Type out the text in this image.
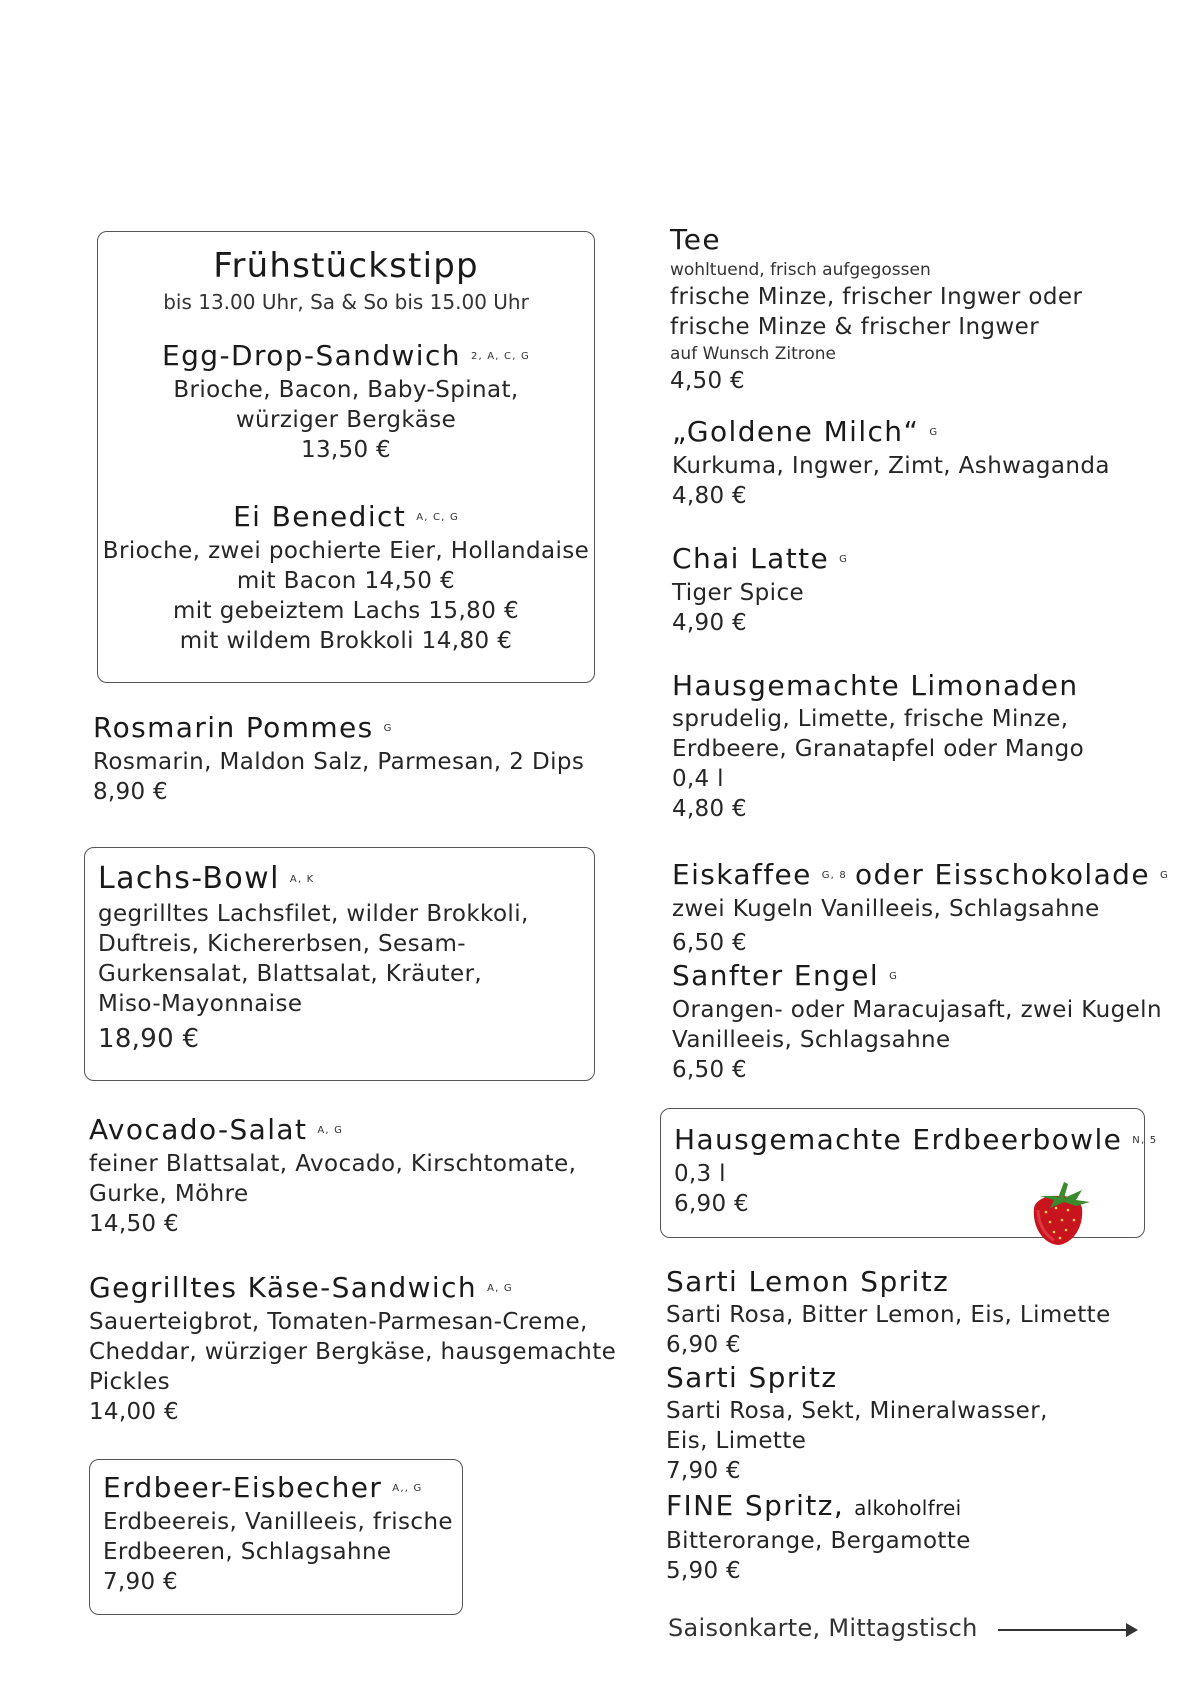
Frühstückstipp
bis 13.00 Uhr, Sa & So bis 15.00 Uhr
Egg-Drop-Sandwich 2, A, C, G
Brioche, Bacon, Baby-Spinat,
würziger Bergkäse
13,50 €
Ei Benedict A, C, G
Brioche, zwei pochierte Eier, Hollandaise
mit Bacon 14,50 €
mit gebeiztem Lachs 15,80 €
mit wildem Brokkoli 14,80 €
Rosmarin Pommes G
Rosmarin, Maldon Salz, Parmesan, 2 Dips
8,90 €
Lachs-Bowl A, K
gegrilltes Lachsfilet, wilder Brokkoli,
Duftreis, Kichererbsen, Sesam-
Gurkensalat, Blattsalat, Kräuter,
Miso-Mayonnaise
18,90 €
Avocado-Salat A, G
feiner Blattsalat, Avocado, Kirschtomate,
Gurke, Möhre
14,50 €
Gegrilltes Käse-Sandwich A, G
Sauerteigbrot, Tomaten-Parmesan-Creme,
Cheddar, würziger Bergkäse, hausgemachte
Pickles
14,00 €
Erdbeer-Eisbecher A,, G
Erdbeereis, Vanilleeis, frische
Erdbeeren, Schlagsahne
7,90 €
Tee
wohltuend, frisch aufgegossen
frische Minze, frischer Ingwer oder
frische Minze & frischer Ingwer
auf Wunsch Zitrone
4,50 €
„Goldene Milch“ G
Kurkuma, Ingwer, Zimt, Ashwaganda
4,80 €
Chai Latte G
Tiger Spice
4,90 €
Hausgemachte Limonaden
sprudelig, Limette, frische Minze,
Erdbeere, Granatapfel oder Mango
0,4 l
4,80 €
Eiskaffee G, 8 oder Eisschokolade G
zwei Kugeln Vanilleeis, Schlagsahne
6,50 €
Sanfter Engel G
Orangen- oder Maracujasaft, zwei Kugeln
Vanilleeis, Schlagsahne
6,50 €
Hausgemachte Erdbeerbowle N, 5
0,3 l
6,90 €
Sarti Lemon Spritz
Sarti Rosa, Bitter Lemon, Eis, Limette
6,90 €
Sarti Spritz
Sarti Rosa, Sekt, Mineralwasser,
Eis, Limette
7,90 €
FINE Spritz, alkoholfrei
Bitterorange, Bergamotte
5,90 €
Saisonkarte, Mittagstisch
